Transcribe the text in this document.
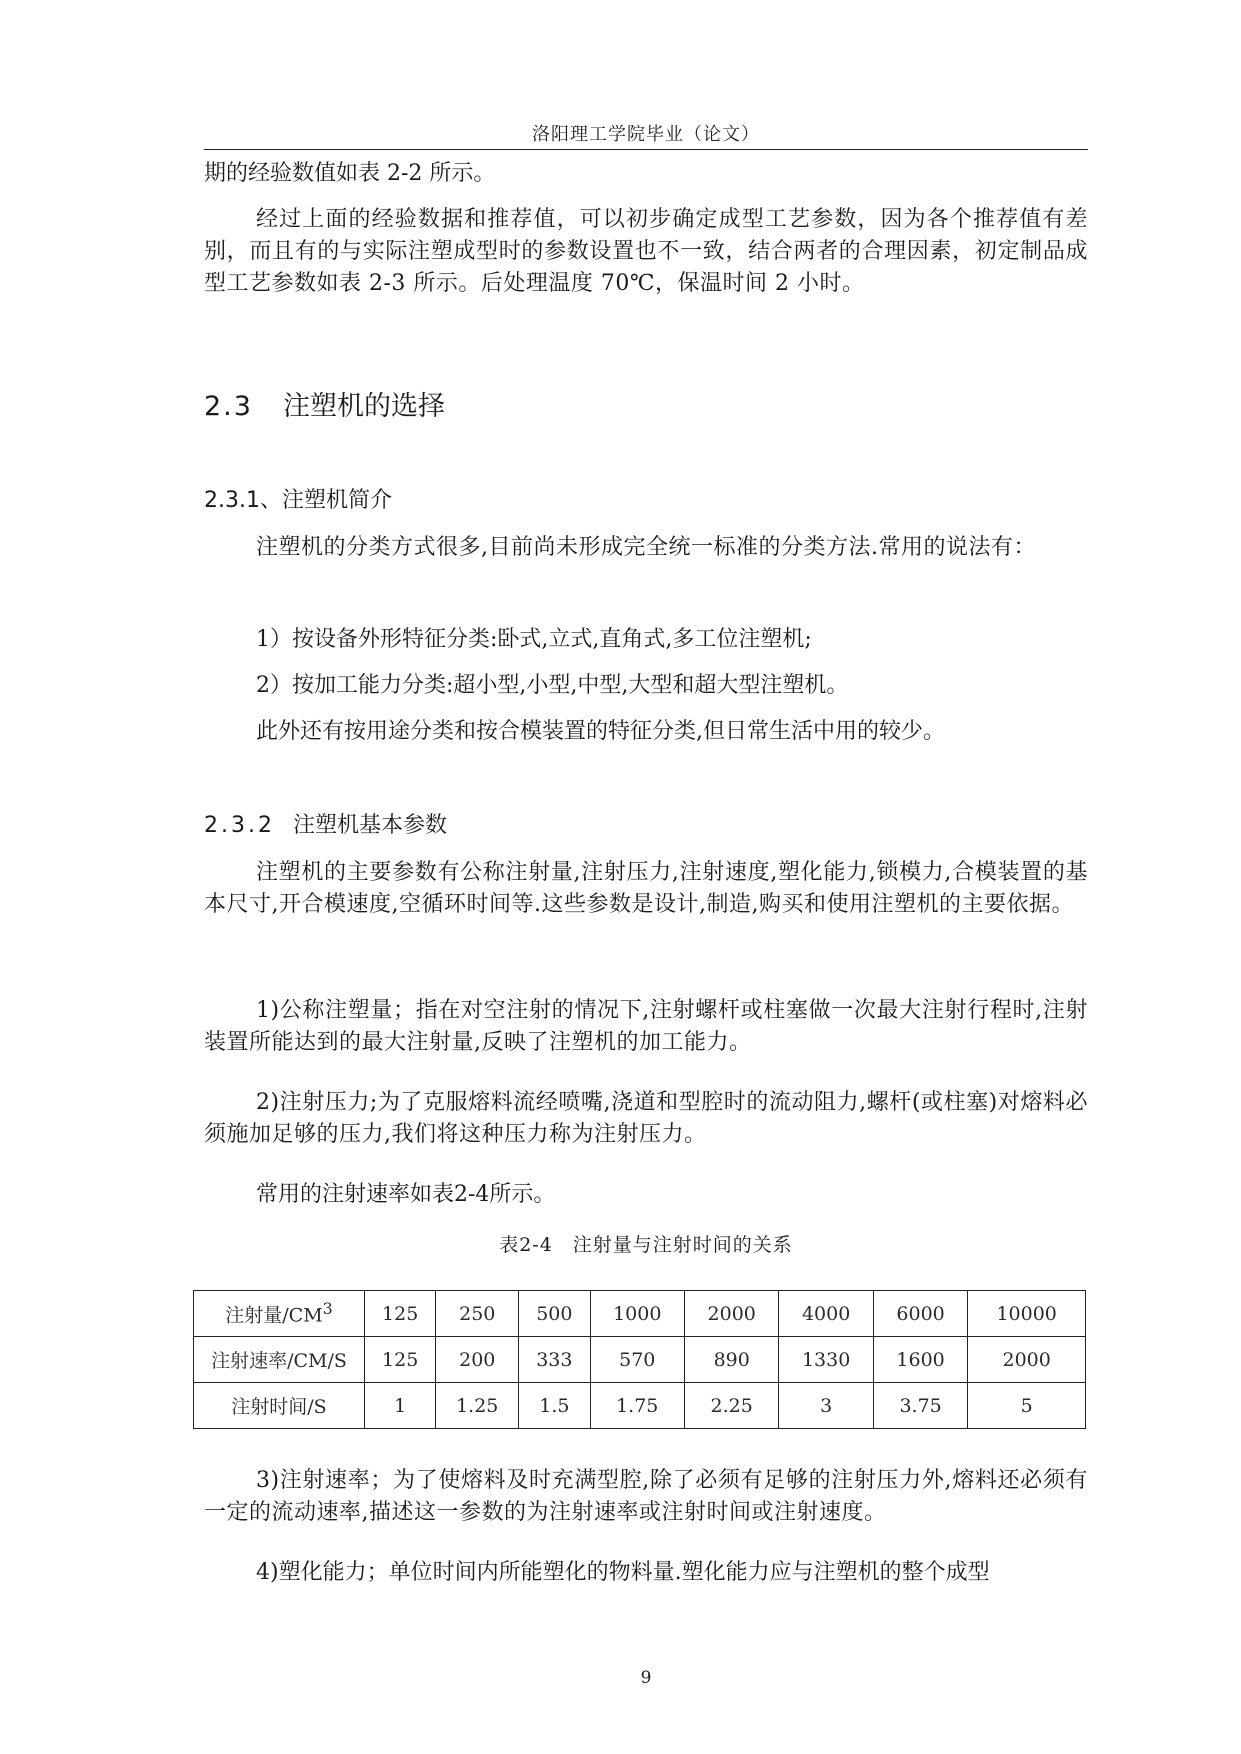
洛阳理工学院毕业（论文）
期的经验数值如表 2-2 所示。
经过上面的经验数据和推荐值，可以初步确定成型工艺参数，因为各个推荐值有差别，而且有的与实际注塑成型时的参数设置也不一致，结合两者的合理因素，初定制品成型工艺参数如表 2-3 所示。后处理温度 70℃，保温时间 2 小时。
2.3 注塑机的选择
2.3.1、注塑机简介
注塑机的分类方式很多,目前尚未形成完全统一标准的分类方法.常用的说法有：
1）按设备外形特征分类:卧式,立式,直角式,多工位注塑机;
2）按加工能力分类:超小型,小型,中型,大型和超大型注塑机。
此外还有按用途分类和按合模装置的特征分类,但日常生活中用的较少。
2.3.2 注塑机基本参数
注塑机的主要参数有公称注射量,注射压力,注射速度,塑化能力,锁模力,合模装置的基本尺寸,开合模速度,空循环时间等.这些参数是设计,制造,购买和使用注塑机的主要依据。
1)公称注塑量；指在对空注射的情况下,注射螺杆或柱塞做一次最大注射行程时,注射装置所能达到的最大注射量,反映了注塑机的加工能力。
2)注射压力;为了克服熔料流经喷嘴,浇道和型腔时的流动阻力,螺杆(或柱塞)对熔料必须施加足够的压力,我们将这种压力称为注射压力。
常用的注射速率如表2-4所示。
表2-4　注射量与注射时间的关系
注射量$/CM^3$	125	250	500	1000	2000	4000	6000	10000
注射速率/CM/S	125	200	333	570	890	1330	1600	2000
注射时间/S	1	1.25	1.5	1.75	2.25	3	3.75	5
3)注射速率；为了使熔料及时充满型腔,除了必须有足够的注射压力外,熔料还必须有一定的流动速率,描述这一参数的为注射速率或注射时间或注射速度。
4)塑化能力；单位时间内所能塑化的物料量.塑化能力应与注塑机的整个成型
9
